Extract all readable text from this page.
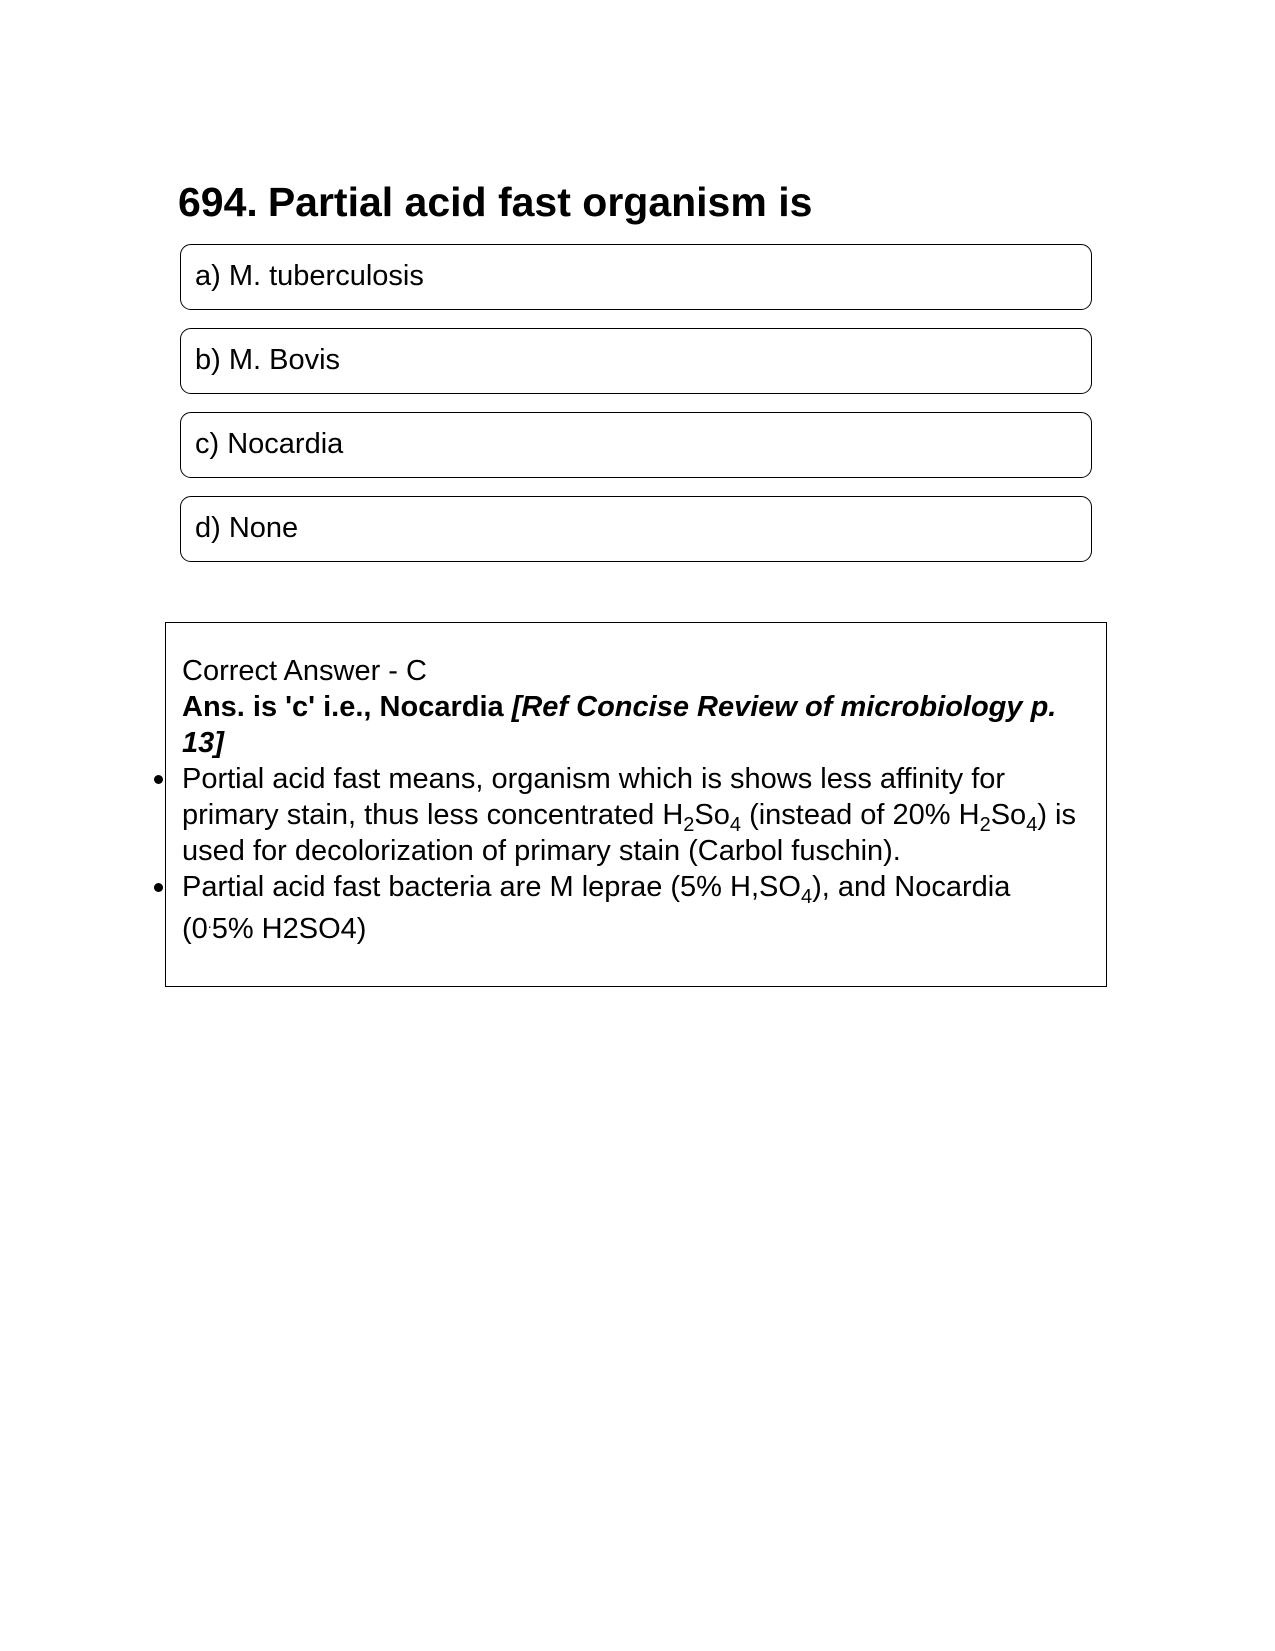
694. Partial acid fast organism is
a) M. tuberculosis
b) M. Bovis
c) Nocardia
d) None

Correct Answer - C

Ans. is 'c' i.e., Nocardia [Ref Concise Review of microbiology p. 13]

Portial acid fast means, organism which is shows less affinity for primary stain, thus less concentrated $H_2So_4$ (instead of 20% $H_2So_4$) is used for decolorization of primary stain (Carbol fuschin).
Partial acid fast bacteria are M leprae (5% $H,SO_4$), and Nocardia
(0.5% H2SO4)
